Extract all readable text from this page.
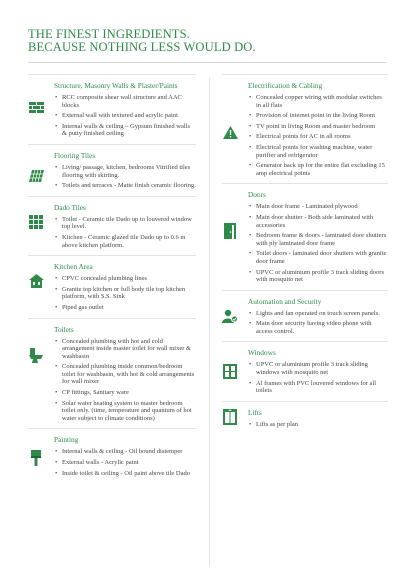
THE FINEST INGREDIENTS.
BECAUSE NOTHING LESS WOULD DO.
Structure, Masonry Walls & Plaster/Paints
• RCC composite shear wall structure and AAC blocks
• External wall with textured and acrylic paint
• Internal walls & ceiling – Gypsum finished walls & putty finished ceiling
Flooring Tiles
• Living/ passage, kitchen, bedrooms Vitrified tiles flooring with skirting.
• Toilets and terraces - Matte finish ceramic flooring.
Dado Tiles
• Toilet - Ceramic tile Dado up to louvered window top level.
• Kitchen - Ceramic glazed tile Dado up to 0.6 m above kitchen platform.
Kitchen Area
• CPVC concealed plumbing lines
• Granite top kitchen or full body tile top kitchen platform, with S.S. Sink
• Piped gas outlet
Toilets
• Concealed plumbing with hot and cold arrangement inside master toilet for wall mixer & washbasin
• Concealed plumbing inside common/bedroom toilet for washbasin, with hot & cold arrangements for wall mixer
• CP fittings, Sanitary ware
• Solar water heating system to master bedroom toilet only. (time, temperature and quantum of hot water subject to climate conditions)
Painting
• Internal walls & ceiling - Oil bound distemper
• External walls - Acrylic paint
• Inside toilet & ceiling - Oil paint above tile Dado
Electrification & Cabling
• Concealed copper wiring with modular switches in all flats
• Provision of internet point in the living Room
• TV point in living Room and master bedroom
• Electrical points for AC in all rooms
• Electrical points for washing machine, water purifier and refrigerator
• Generator back up for the entire flat excluding 15 amp electrical points
Doors
• Main door frame - Laminated plywood
• Main door shutter - Both side laminated with accessories
• Bedroom frame & doors - laminated door shutters with ply laminated door frame
• Toilet doors - laminated door shutters with granite door frame
• UPVC or aluminium profile 3 track sliding doors with mosquito net
Automation and Security
• Lights and fan operated on touch screen panels.
• Main door security having video phone with access control.
Windows
• UPVC or aluminium profile 3 track sliding windows with mosquito net
• Al frames with PVC louvered windows for all toilets
Lifts
• Lifts as per plan
